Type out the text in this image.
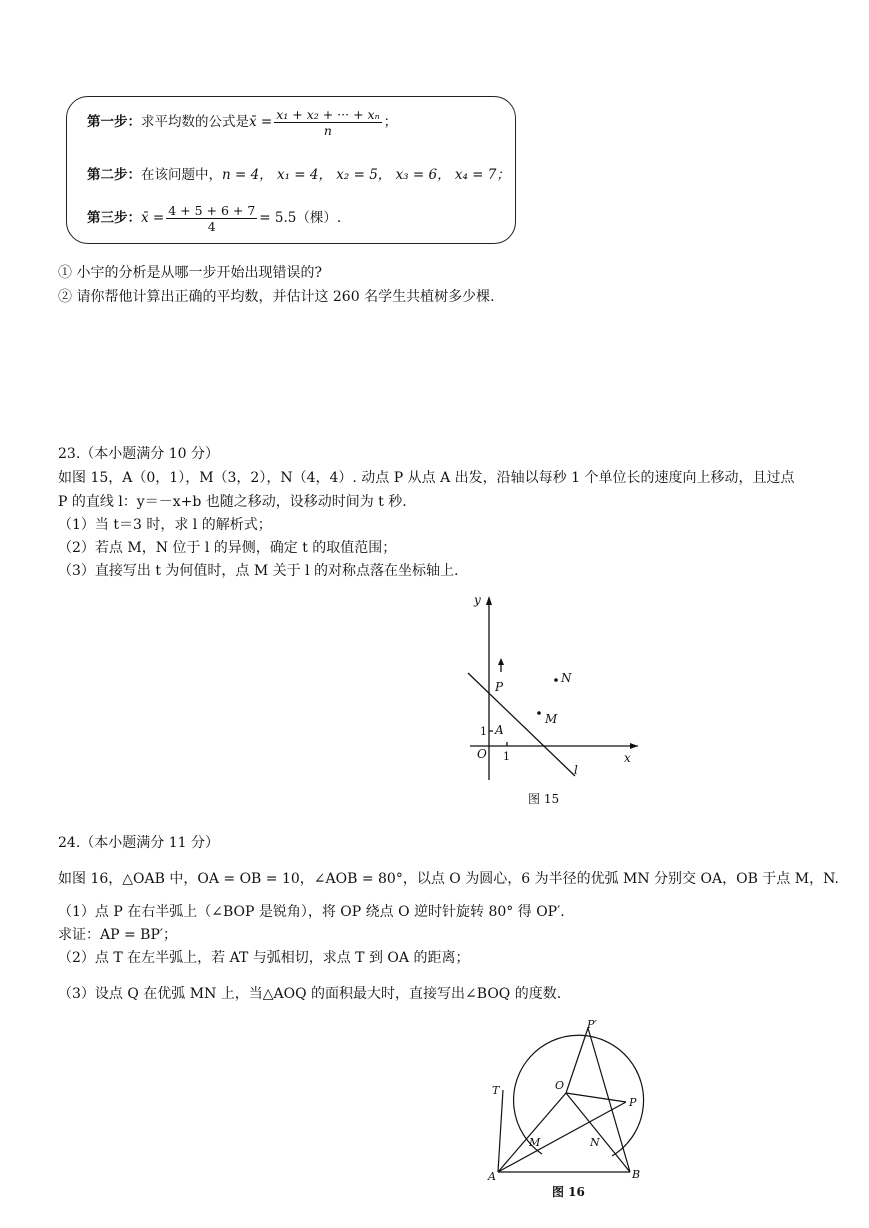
第一步：求平均数的公式是x̄ = $\frac{\text{x₁ + x₂ + ··· + xₙ}}{n}$ ；
第二步：在该问题中，n = 4， x₁ = 4， x₂ = 5， x₃ = 6， x₄ = 7；
第三步：x̄ = $\frac{4 + 5 + 6 + 7}{4} = 5.5$（棵）.
① 小宇的分析是从哪一步开始出现错误的?
② 请你帮他计算出正确的平均数，并估计这 260 名学生共植树多少棵.
23.（本小题满分 10 分）
如图 15，A（0，1），M（3，2），N（4，4）. 动点 P 从点 A 出发，沿轴以每秒 1 个单位长的速度向上移动，且过点
P 的直线 l：y＝－x+b 也随之移动，设移动时间为 t 秒.
（1）当 t＝3 时，求 l 的解析式；
（2）若点 M，N 位于 l 的异侧，确定 t 的取值范围；
（3）直接写出 t 为何值时，点 M 关于 l 的对称点落在坐标轴上.
y
x
O
P
N
M
A
l
1
1
图 15
24.（本小题满分 11 分）
如图 16，△OAB 中，OA = OB = 10，∠AOB = 80°，以点 O 为圆心，6 为半径的优弧 MN 分别交 OA，OB 于点 M，N.
（1）点 P 在右半弧上（∠BOP 是锐角），将 OP 绕点 O 逆时针旋转 80° 得 OP′.
求证：AP = BP′；
（2）点 T 在左半弧上，若 AT 与弧相切，求点 T 到 OA 的距离；
（3）设点 Q 在优弧 MN 上，当△AOQ 的面积最大时，直接写出∠BOQ 的度数.
P′
O
T
P
M	N
A	B
图 16
